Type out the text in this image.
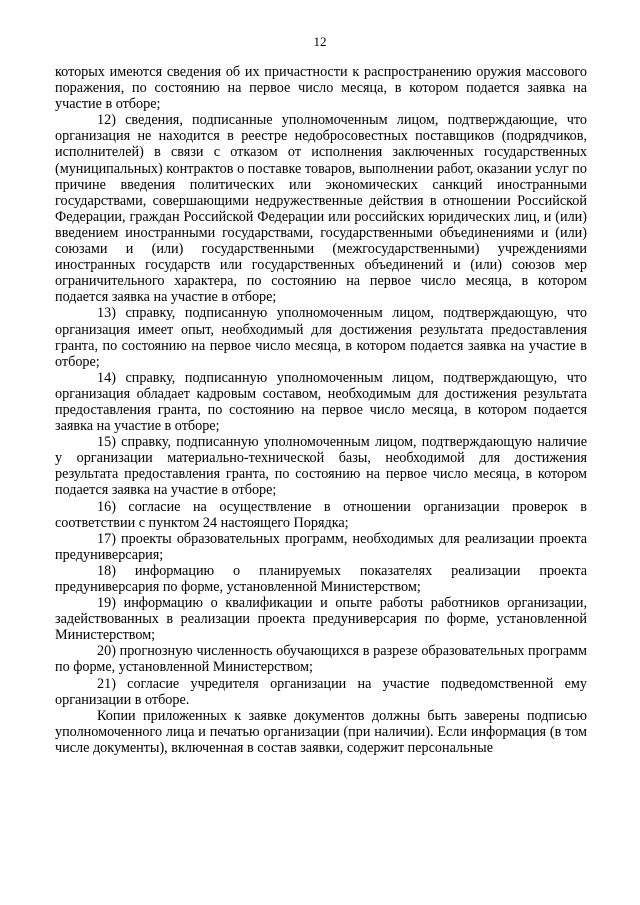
12

которых имеются сведения об их причастности к распространению оружия массового поражения, по состоянию на первое число месяца, в котором подается заявка на участие в отборе;

12) сведения, подписанные уполномоченным лицом, подтверждающие, что организация не находится в реестре недобросовестных поставщиков (подрядчиков, исполнителей) в связи с отказом от исполнения заключенных государственных (муниципальных) контрактов о поставке товаров, выполнении работ, оказании услуг по причине введения политических или экономических санкций иностранными государствами, совершающими недружественные действия в отношении Российской Федерации, граждан Российской Федерации или российских юридических лиц, и (или) введением иностранными государствами, государственными объединениями и (или) союзами и (или) государственными (межгосударственными) учреждениями иностранных государств или государственных объединений и (или) союзов мер ограничительного характера, по состоянию на первое число месяца, в котором подается заявка на участие в отборе;

13) справку, подписанную уполномоченным лицом, подтверждающую, что организация имеет опыт, необходимый для достижения результата предоставления гранта, по состоянию на первое число месяца, в котором подается заявка на участие в отборе;

14) справку, подписанную уполномоченным лицом, подтверждающую, что организация обладает кадровым составом, необходимым для достижения результата предоставления гранта, по состоянию на первое число месяца, в котором подается заявка на участие в отборе;

15) справку, подписанную уполномоченным лицом, подтверждающую наличие у организации материально-технической базы, необходимой для достижения результата предоставления гранта, по состоянию на первое число месяца, в котором подается заявка на участие в отборе;

16) согласие на осуществление в отношении организации проверок в соответствии с пунктом 24 настоящего Порядка;

17) проекты образовательных программ, необходимых для реализации проекта предуниверсария;

18) информацию о планируемых показателях реализации проекта предуниверсария по форме, установленной Министерством;

19) информацию о квалификации и опыте работы работников организации, задействованных в реализации проекта предуниверсария по форме, установленной Министерством;

20) прогнозную численность обучающихся в разрезе образовательных программ по форме, установленной Министерством;

21) согласие учредителя организации на участие подведомственной ему организации в отборе.

Копии приложенных к заявке документов должны быть заверены подписью уполномоченного лица и печатью организации (при наличии). Если информация (в том числе документы), включенная в состав заявки, содержит персональные
